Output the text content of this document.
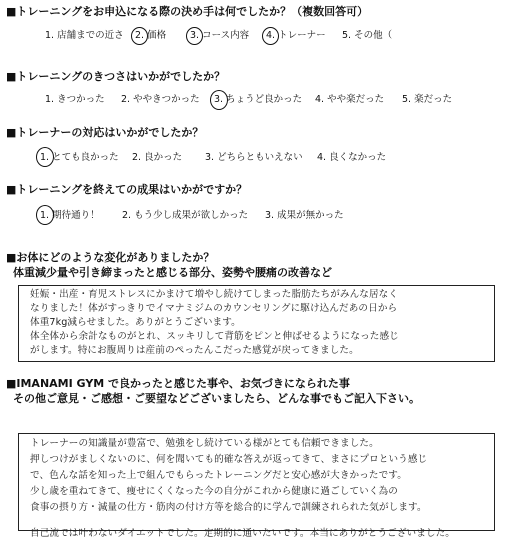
■トレーニングをお申込になる際の決め手は何でしたか？（複数回答可）
1. 店舗までの近さ 2. 価格	3. コース内容 4. トレーナー 5. その他（
■トレーニングのきつさはいかがでしたか？
1. きつかった 2. ややきつかった 3. ちょうど良かった 4. やや楽だった 5. 楽だった
■トレーナーの対応はいかがでしたか？
1. とても良かった 2. 良かった 3. どちらともいえない 4. 良くなかった
■トレーニングを終えての成果はいかがですか？
1. 期待通り！ 2. もう少し成果が欲しかった 3. 成果が無かった
■お体にどのような変化がありましたか？
体重減少量や引き締まったと感じる部分、姿勢や腰痛の改善など
妊娠・出産・育児ストレスにかまけて増やし続けてしまった脂肪たちがみんな居なく
なりました！体がすっきりでイマナミジムのカウンセリングに駆け込んだあの日から
体重7kg減らせました。ありがとうございます。
体全体から余計なものがとれ、スッキリして背筋をピンと伸ばせるようになった感じ
がします。特にお腹周りは産前のぺったんこだった感覚が戻ってきました。
■IMANAMI GYM で良かったと感じた事や、お気づきになられた事
その他ご意見・ご感想・ご要望などございましたら、どんな事でもご記入下さい。
トレーナーの知識量が豊富で、勉強をし続けている様がとても信頼できました。
押しつけがましくないのに、何を聞いても的確な答えが返ってきて、まさにプロという感じ
で、色んな話を知った上で組んでもらったトレーニングだと安心感が大きかったです。
少し歳を重ねてきて、痩せにくくなった今の自分がこれから健康に過ごしていく為の
食事の摂り方・減量の仕方・筋肉の付け方等を総合的に学んで訓練されられた気がします。
自己流では叶わないダイエットでした。定期的に通いたいです。本当にありがとうございました。
